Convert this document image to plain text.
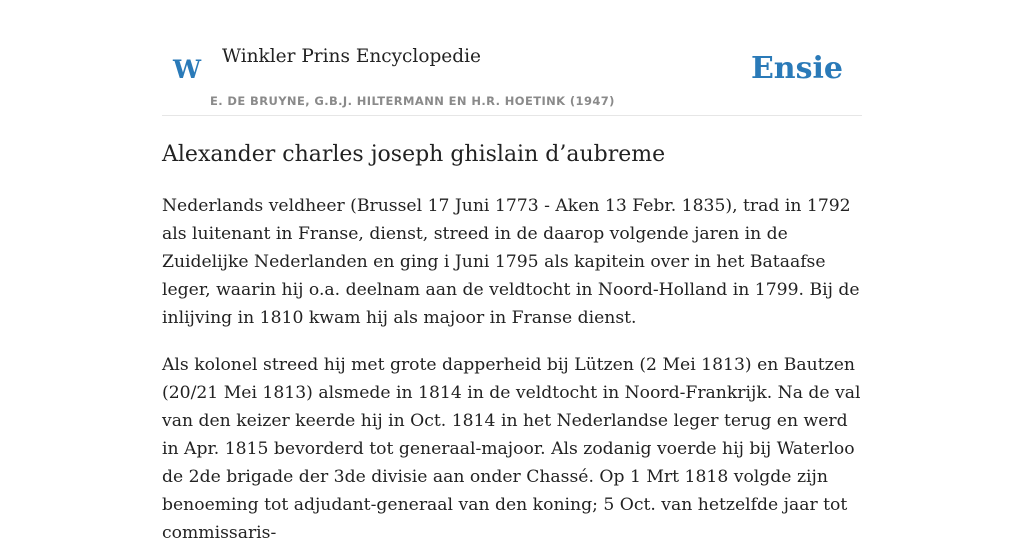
W Winkler Prins Encyclopedie
E. DE BRUYNE, G.B.J. HILTERMANN EN H.R. HOETINK (1947)
Ensie
Alexander charles joseph ghislain d’aubreme

Nederlands veldheer (Brussel 17 Juni 1773 - Aken 13 Febr. 1835), trad in 1792 als luitenant in Franse, dienst, streed in de daarop volgende jaren in de Zuidelijke Nederlanden en ging i Juni 1795 als kapitein over in het Bataafse leger, waarin hij o.a. deelnam aan de veldtocht in Noord-Holland in 1799. Bij de inlijving in 1810 kwam hij als majoor in Franse dienst.

Als kolonel streed hij met grote dapperheid bij Lützen (2 Mei 1813) en Bautzen (20/21 Mei 1813) alsmede in 1814 in de veldtocht in Noord-Frankrijk. Na de val van den keizer keerde hij in Oct. 1814 in het Nederlandse leger terug en werd in Apr. 1815 bevorderd tot generaal-majoor. Als zodanig voerde hij bij Waterloo de 2de brigade der 3de divisie aan onder Chassé. Op 1 Mrt 1818 volgde zijn benoeming tot adjudant-generaal van den koning; 5 Oct. van hetzelfde jaar tot commissaris-
